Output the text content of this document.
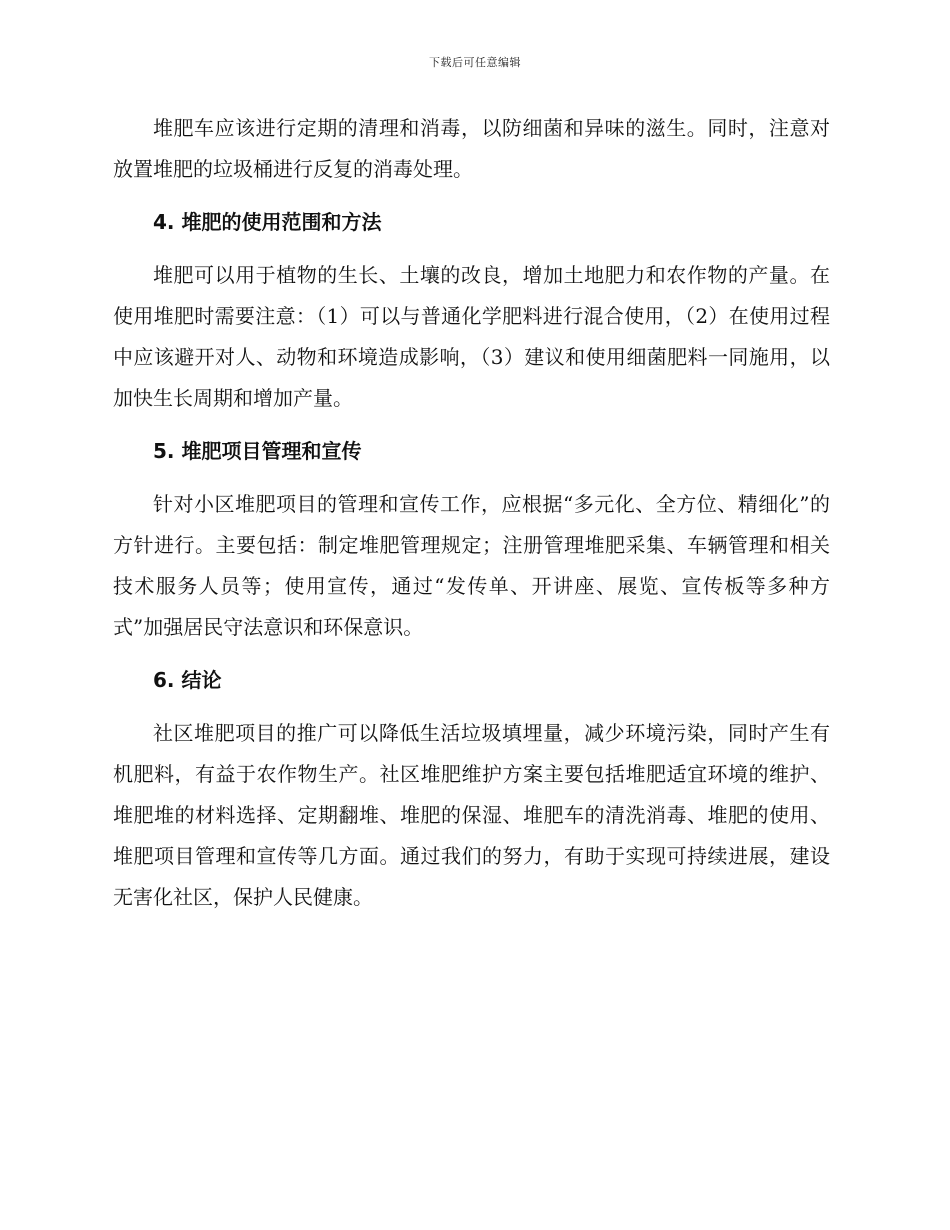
下载后可任意编辑

堆肥车应该进行定期的清理和消毒，以防细菌和异味的滋生。同时，注意对放置堆肥的垃圾桶进行反复的消毒处理。

4. 堆肥的使用范围和方法

堆肥可以用于植物的生长、土壤的改良，增加土地肥力和农作物的产量。在使用堆肥时需要注意：（1）可以与普通化学肥料进行混合使用，（2）在使用过程中应该避开对人、动物和环境造成影响，（3）建议和使用细菌肥料一同施用，以加快生长周期和增加产量。

5. 堆肥项目管理和宣传

针对小区堆肥项目的管理和宣传工作，应根据“多元化、全方位、精细化”的方针进行。主要包括：制定堆肥管理规定；注册管理堆肥采集、车辆管理和相关技术服务人员等；使用宣传，通过“发传单、开讲座、展览、宣传板等多种方式”加强居民守法意识和环保意识。

6. 结论

社区堆肥项目的推广可以降低生活垃圾填埋量，减少环境污染，同时产生有机肥料，有益于农作物生产。社区堆肥维护方案主要包括堆肥适宜环境的维护、堆肥堆的材料选择、定期翻堆、堆肥的保湿、堆肥车的清洗消毒、堆肥的使用、堆肥项目管理和宣传等几方面。通过我们的努力，有助于实现可持续进展，建设无害化社区，保护人民健康。
